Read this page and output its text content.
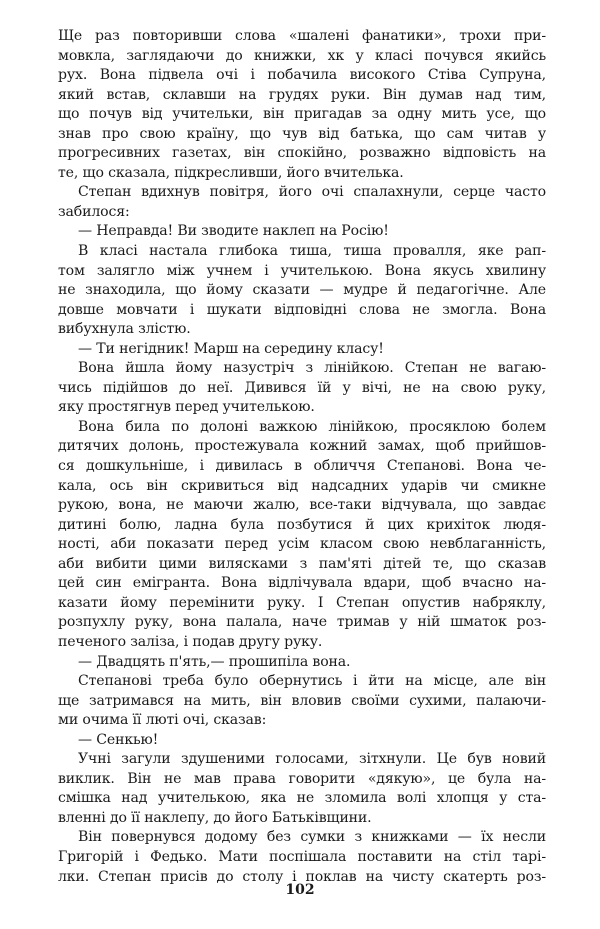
Ще раз повторивши слова «шалені фанатики», трохи при-
мовкла, заглядаючи до книжки, хк у класі почувся якийсь
рух. Вона підвела очі і побачила високого Стіва Супруна,
який встав, склавши на грудях руки. Він думав над тим,
що почув від учительки, він пригадав за одну мить усе, що
знав про свою країну, що чув від батька, що сам читав у
прогресивних газетах, він спокійно, розважно відповість на
те, що сказала, підкресливши, його вчителька.
Степан вдихнув повітря, його очі спалахнули, серце часто
забилося:
— Неправда! Ви зводите наклеп на Росію!
В класі настала глибока тиша, тиша провалля, яке рап-
том залягло між учнем і учителькою. Вона якусь хвилину
не знаходила, що йому сказати — мудре й педагогічне. Але
довше мовчати і шукати відповідні слова не змогла. Вона
вибухнула злістю.
— Ти негідник! Марш на середину класу!
Вона йшла йому назустріч з лінійкою. Степан не вагаю-
чись підійшов до неї. Дивився їй у вічі, не на свою руку,
яку простягнув перед учителькою.
Вона била по долоні важкою лінійкою, просяклою болем
дитячих долонь, простежувала кожний замах, щоб прийшов-
ся дошкульніше, і дивилась в обличчя Степанові. Вона че-
кала, ось він скривиться від надсадних ударів чи смикне
рукою, вона, не маючи жалю, все-таки відчувала, що завдає
дитині болю, ладна була позбутися й цих крихіток людя-
ності, аби показати перед усім класом свою невблаганність,
аби вибити цими вилясками з пам'яті дітей те, що сказав
цей син емігранта. Вона відлічувала вдари, щоб вчасно на-
казати йому перемінити руку. І Степан опустив набряклу,
розпухлу руку, вона палала, наче тримав у ній шматок роз-
печеного заліза, і подав другу руку.
— Двадцять п'ять,— прошипіла вона.
Степанові треба було обернутись і йти на місце, але він
ще затримався на мить, він вловив своїми сухими, палаючи-
ми очима її люті очі, сказав:
— Сенкью!
Учні загули здушеними голосами, зітхнули. Це був новий
виклик. Він не мав права говорити «дякую», це була на-
смішка над учителькою, яка не зломила волі хлопця у ста-
вленні до її наклепу, до його Батьківщини.
Він повернувся додому без сумки з книжками — їх несли
Григорій і Федько. Мати поспішала поставити на стіл тарі-
лки. Степан присів до столу і поклав на чисту скатерть роз-
102
